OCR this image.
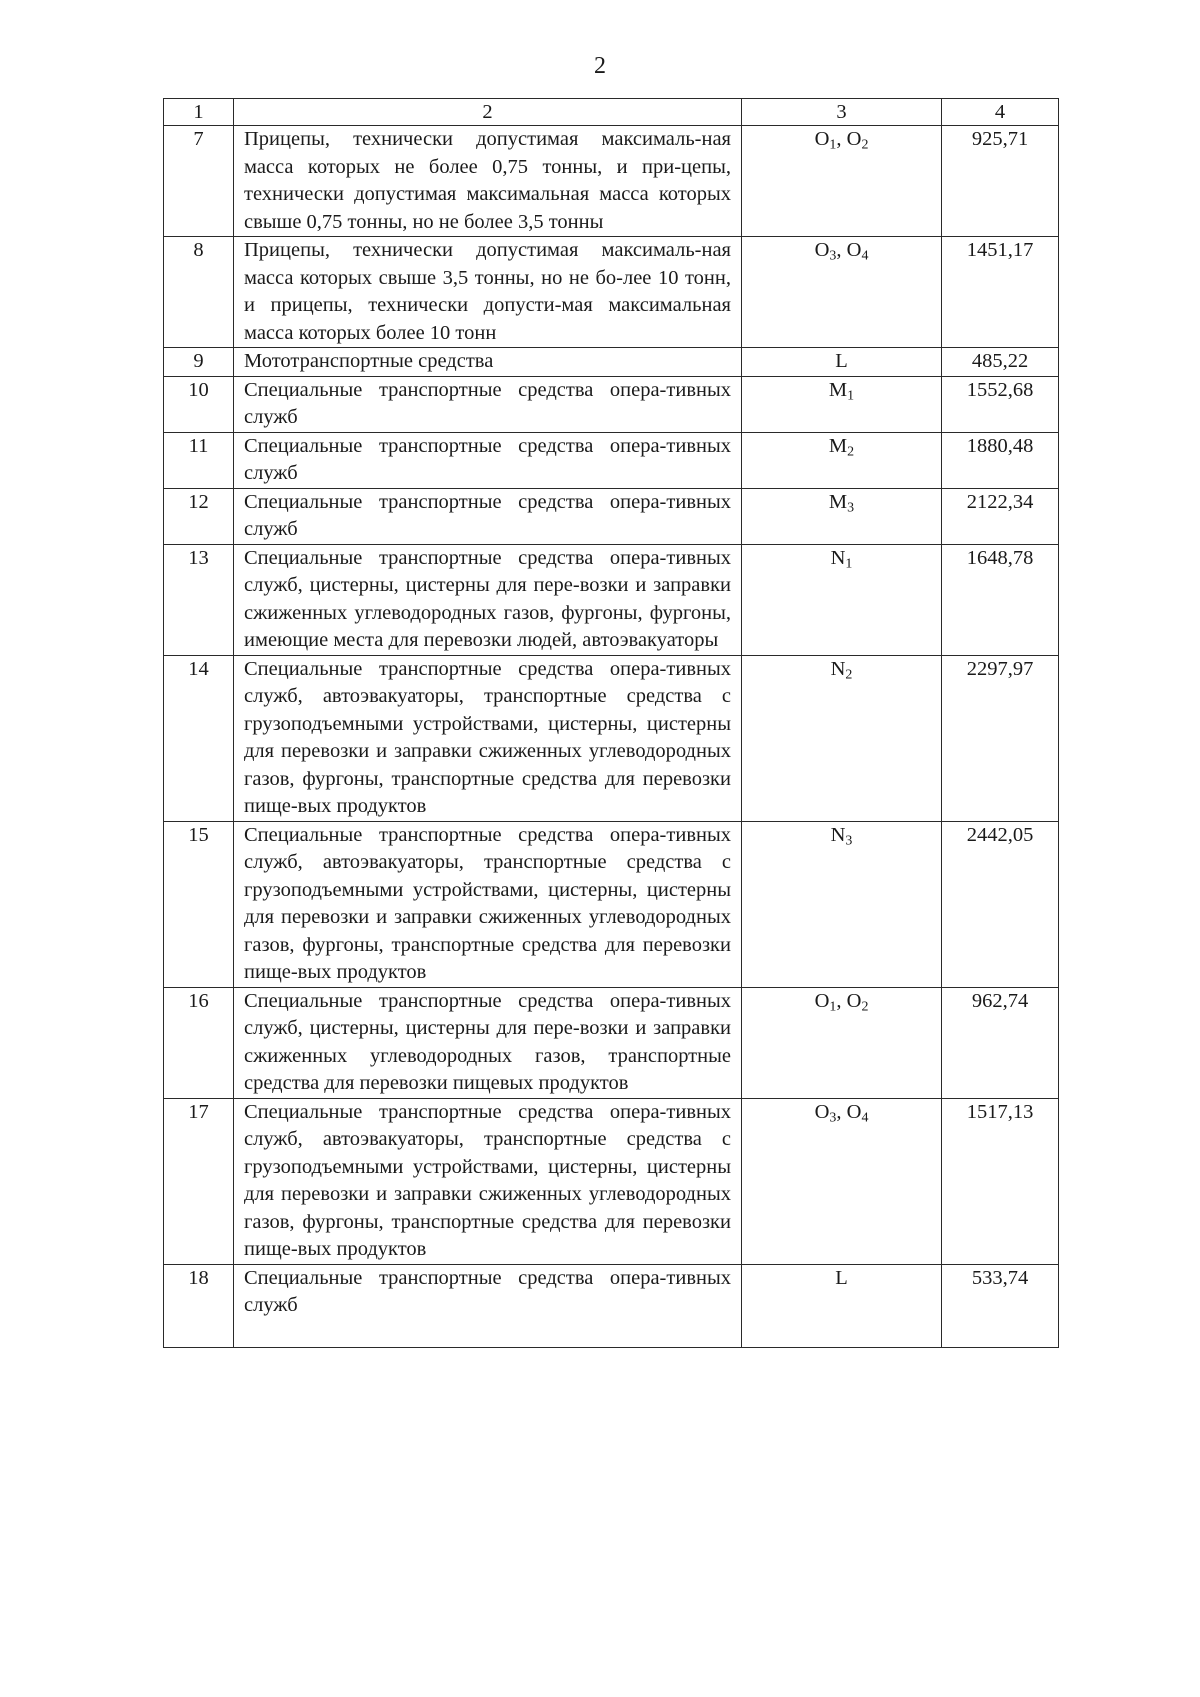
2
1	2	3	4
7	Прицепы, технически допустимая максималь-ная масса которых не более 0,75 тонны, и при-цепы, технически допустимая максимальная масса которых свыше 0,75 тонны, но не более 3,5 тонны	$O_1$, $O_2$	925,71
8	Прицепы, технически допустимая максималь-ная масса которых свыше 3,5 тонны, но не бо-лее 10 тонн, и прицепы, технически допусти-мая максимальная масса которых более 10 тонн	$O_3$, $O_4$	1451,17
9	Мототранспортные средства	L	485,22
10	Специальные транспортные средства опера-тивных служб	$M_1$	1552,68
11	Специальные транспортные средства опера-тивных служб	$M_2$	1880,48
12	Специальные транспортные средства опера-тивных служб	$M_3$	2122,34
13	Специальные транспортные средства опера-тивных служб, цистерны, цистерны для пере-возки и заправки сжиженных углеводородных газов, фургоны, фургоны, имеющие места для перевозки людей, автоэвакуаторы	$N_1$	1648,78
14	Специальные транспортные средства опера-тивных служб, автоэвакуаторы, транспортные средства с грузоподъемными устройствами, цистерны, цистерны для перевозки и заправки сжиженных углеводородных газов, фургоны, транспортные средства для перевозки пище-вых продуктов	$N_2$	2297,97
15	Специальные транспортные средства опера-тивных служб, автоэвакуаторы, транспортные средства с грузоподъемными устройствами, цистерны, цистерны для перевозки и заправки сжиженных углеводородных газов, фургоны, транспортные средства для перевозки пище-вых продуктов	$N_3$	2442,05
16	Специальные транспортные средства опера-тивных служб, цистерны, цистерны для пере-возки и заправки сжиженных углеводородных газов, транспортные средства для перевозки пищевых продуктов	$O_1$, $O_2$	962,74
17	Специальные транспортные средства опера-тивных служб, автоэвакуаторы, транспортные средства с грузоподъемными устройствами, цистерны, цистерны для перевозки и заправки сжиженных углеводородных газов, фургоны, транспортные средства для перевозки пище-вых продуктов	$O_3$, $O_4$	1517,13
18	Специальные транспортные средства опера-тивных служб	L	533,74
